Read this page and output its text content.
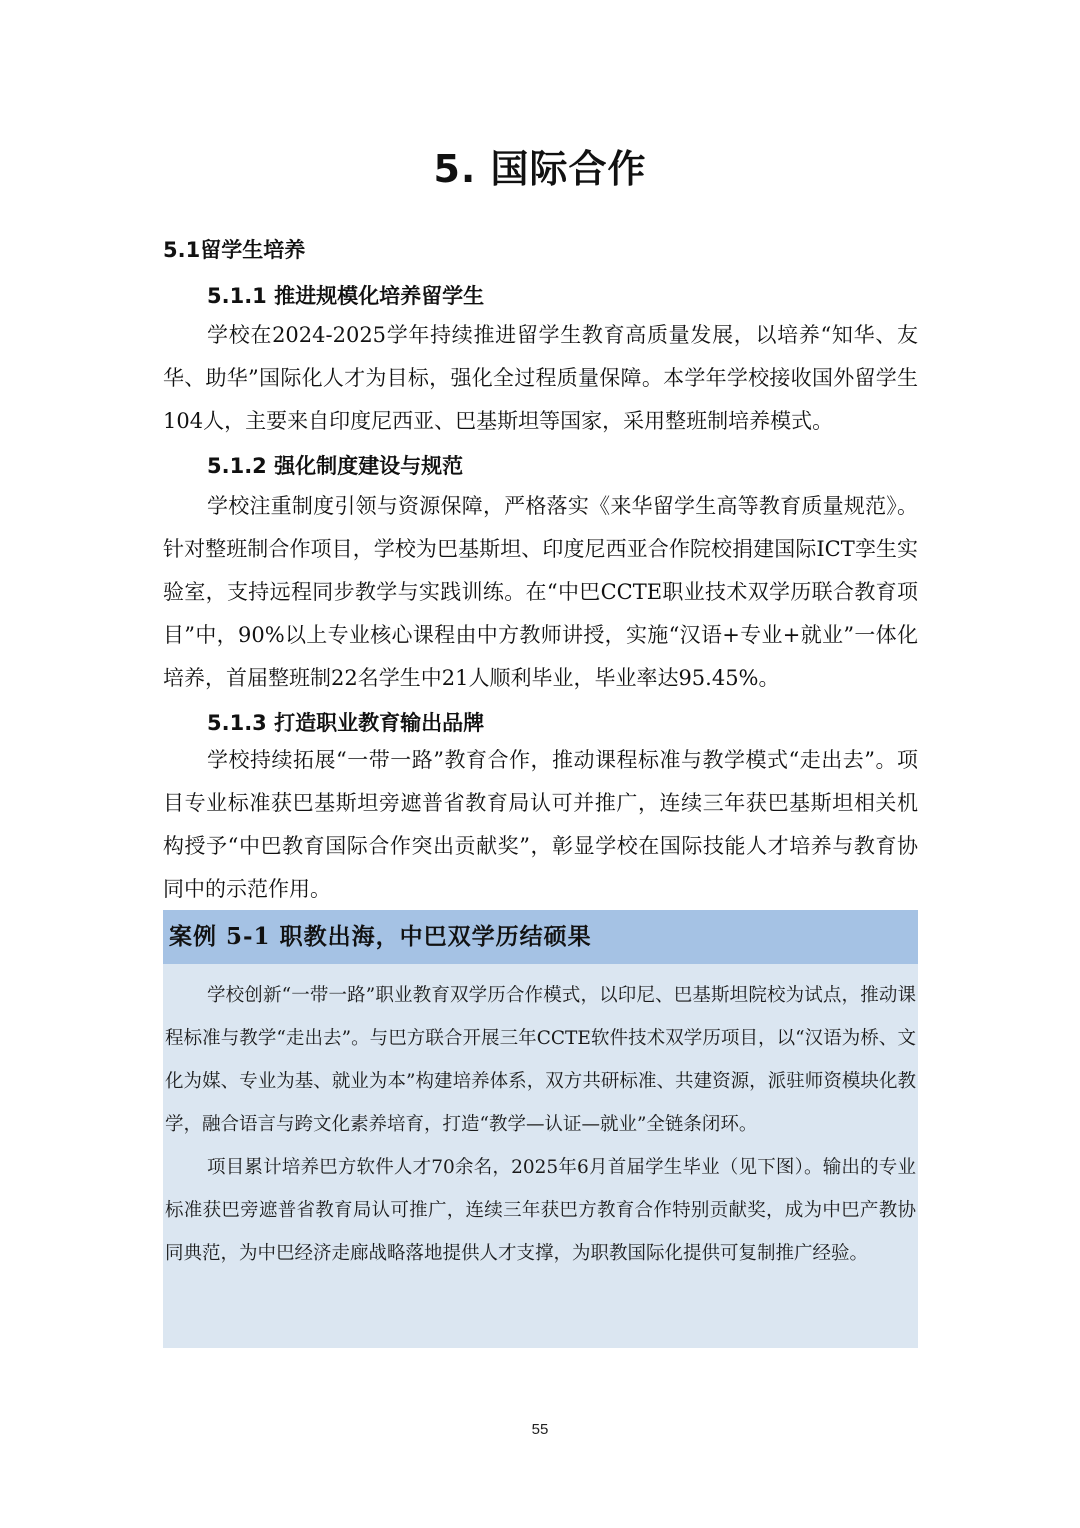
5. 国际合作
5.1留学生培养
5.1.1 推进规模化培养留学生

学校在2024-2025学年持续推进留学生教育高质量发展，以培养“知华、友华、助华”国际化人才为目标，强化全过程质量保障。本学年学校接收国外留学生104人，主要来自印度尼西亚、巴基斯坦等国家，采用整班制培养模式。

5.1.2 强化制度建设与规范

学校注重制度引领与资源保障，严格落实《来华留学生高等教育质量规范》。针对整班制合作项目，学校为巴基斯坦、印度尼西亚合作院校捐建国际ICT孪生实验室，支持远程同步教学与实践训练。在“中巴CCTE职业技术双学历联合教育项目”中，90%以上专业核心课程由中方教师讲授，实施“汉语+专业+就业”一体化培养，首届整班制22名学生中21人顺利毕业，毕业率达95.45%。

5.1.3 打造职业教育输出品牌

学校持续拓展“一带一路”教育合作，推动课程标准与教学模式“走出去”。项目专业标准获巴基斯坦旁遮普省教育局认可并推广，连续三年获巴基斯坦相关机构授予“中巴教育国际合作突出贡献奖”，彰显学校在国际技能人才培养与教育协同中的示范作用。

案例 5-1 职教出海，中巴双学历结硕果

学校创新“一带一路”职业教育双学历合作模式，以印尼、巴基斯坦院校为试点，推动课程标准与教学“走出去”。与巴方联合开展三年CCTE软件技术双学历项目，以“汉语为桥、文化为媒、专业为基、就业为本”构建培养体系，双方共研标准、共建资源，派驻师资模块化教学，融合语言与跨文化素养培育，打造“教学—认证—就业”全链条闭环。

项目累计培养巴方软件人才70余名，2025年6月首届学生毕业（见下图）。输出的专业标准获巴旁遮普省教育局认可推广，连续三年获巴方教育合作特别贡献奖，成为中巴产教协同典范，为中巴经济走廊战略落地提供人才支撑，为职教国际化提供可复制推广经验。

55
